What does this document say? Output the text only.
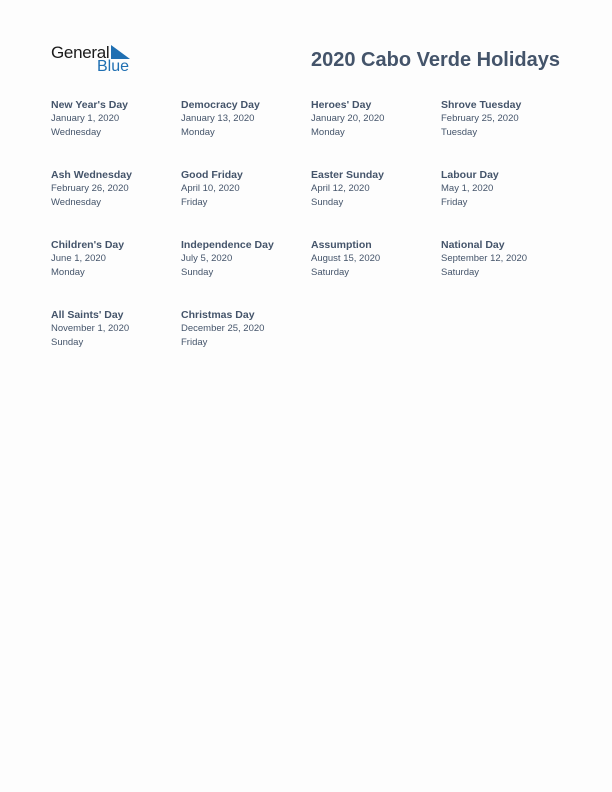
General
Blue	2020 Cabo Verde Holidays
New Year's Day
January 1, 2020
Wednesday
Democracy Day
January 13, 2020
Monday
Heroes' Day
January 20, 2020
Monday
Shrove Tuesday
February 25, 2020
Tuesday
Ash Wednesday
February 26, 2020
Wednesday
Good Friday
April 10, 2020
Friday
Easter Sunday
April 12, 2020
Sunday
Labour Day
May 1, 2020
Friday
Children's Day
June 1, 2020
Monday
Independence Day
July 5, 2020
Sunday
Assumption
August 15, 2020
Saturday
National Day
September 12, 2020
Saturday
All Saints' Day
November 1, 2020
Sunday
Christmas Day
December 25, 2020
Friday
